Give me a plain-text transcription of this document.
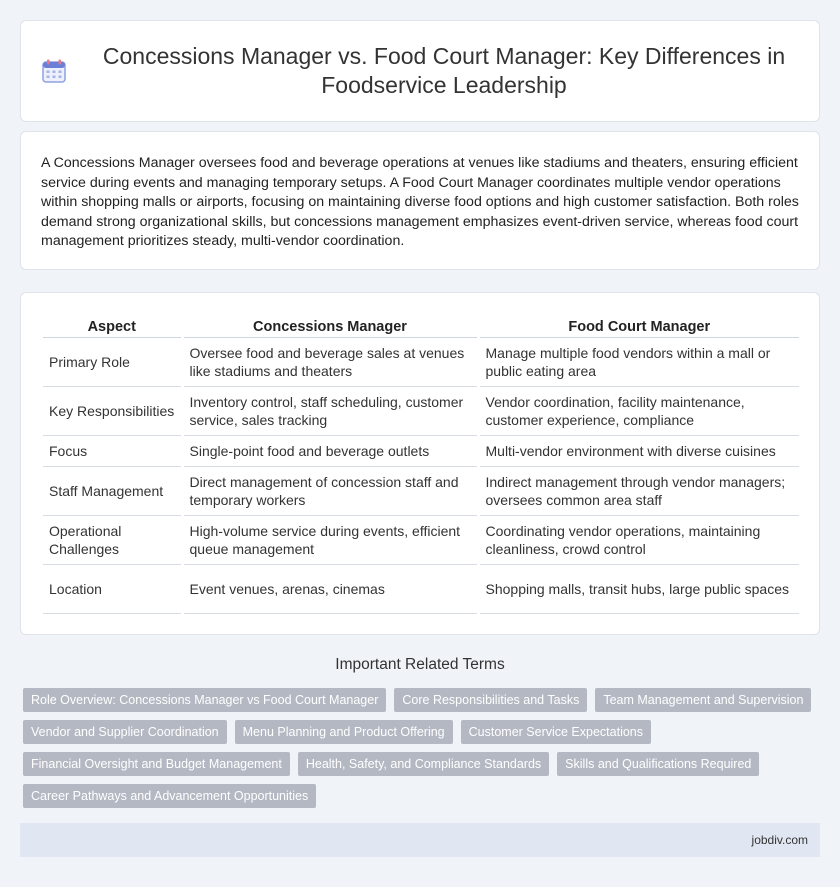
Concessions Manager vs. Food Court Manager: Key Differences in Foodservice Leadership

A Concessions Manager oversees food and beverage operations at venues like stadiums and theaters, ensuring efficient service during events and managing temporary setups. A Food Court Manager coordinates multiple vendor operations within shopping malls or airports, focusing on maintaining diverse food options and high customer satisfaction. Both roles demand strong organizational skills, but concessions management emphasizes event-driven service, whereas food court management prioritizes steady, multi-vendor coordination.

Aspect	Concessions Manager	Food Court Manager
Primary Role	Oversee food and beverage sales at venues like stadiums and theaters	Manage multiple food vendors within a mall or public eating area
Key Responsibilities	Inventory control, staff scheduling, customer service, sales tracking	Vendor coordination, facility maintenance, customer experience, compliance
Focus	Single-point food and beverage outlets	Multi-vendor environment with diverse cuisines
Staff Management	Direct management of concession staff and temporary workers	Indirect management through vendor managers; oversees common area staff
Operational Challenges	High-volume service during events, efficient queue management	Coordinating vendor operations, maintaining cleanliness, crowd control
Location	Event venues, arenas, cinemas	Shopping malls, transit hubs, large public spaces
Important Related Terms
Role Overview: Concessions Manager vs Food Court Manager	Core Responsibilities and Tasks	Team Management and Supervision
Vendor and Supplier Coordination	Menu Planning and Product Offering	Customer Service Expectations
Financial Oversight and Budget Management	Health, Safety, and Compliance Standards	Skills and Qualifications Required
Career Pathways and Advancement Opportunities
jobdiv.com
